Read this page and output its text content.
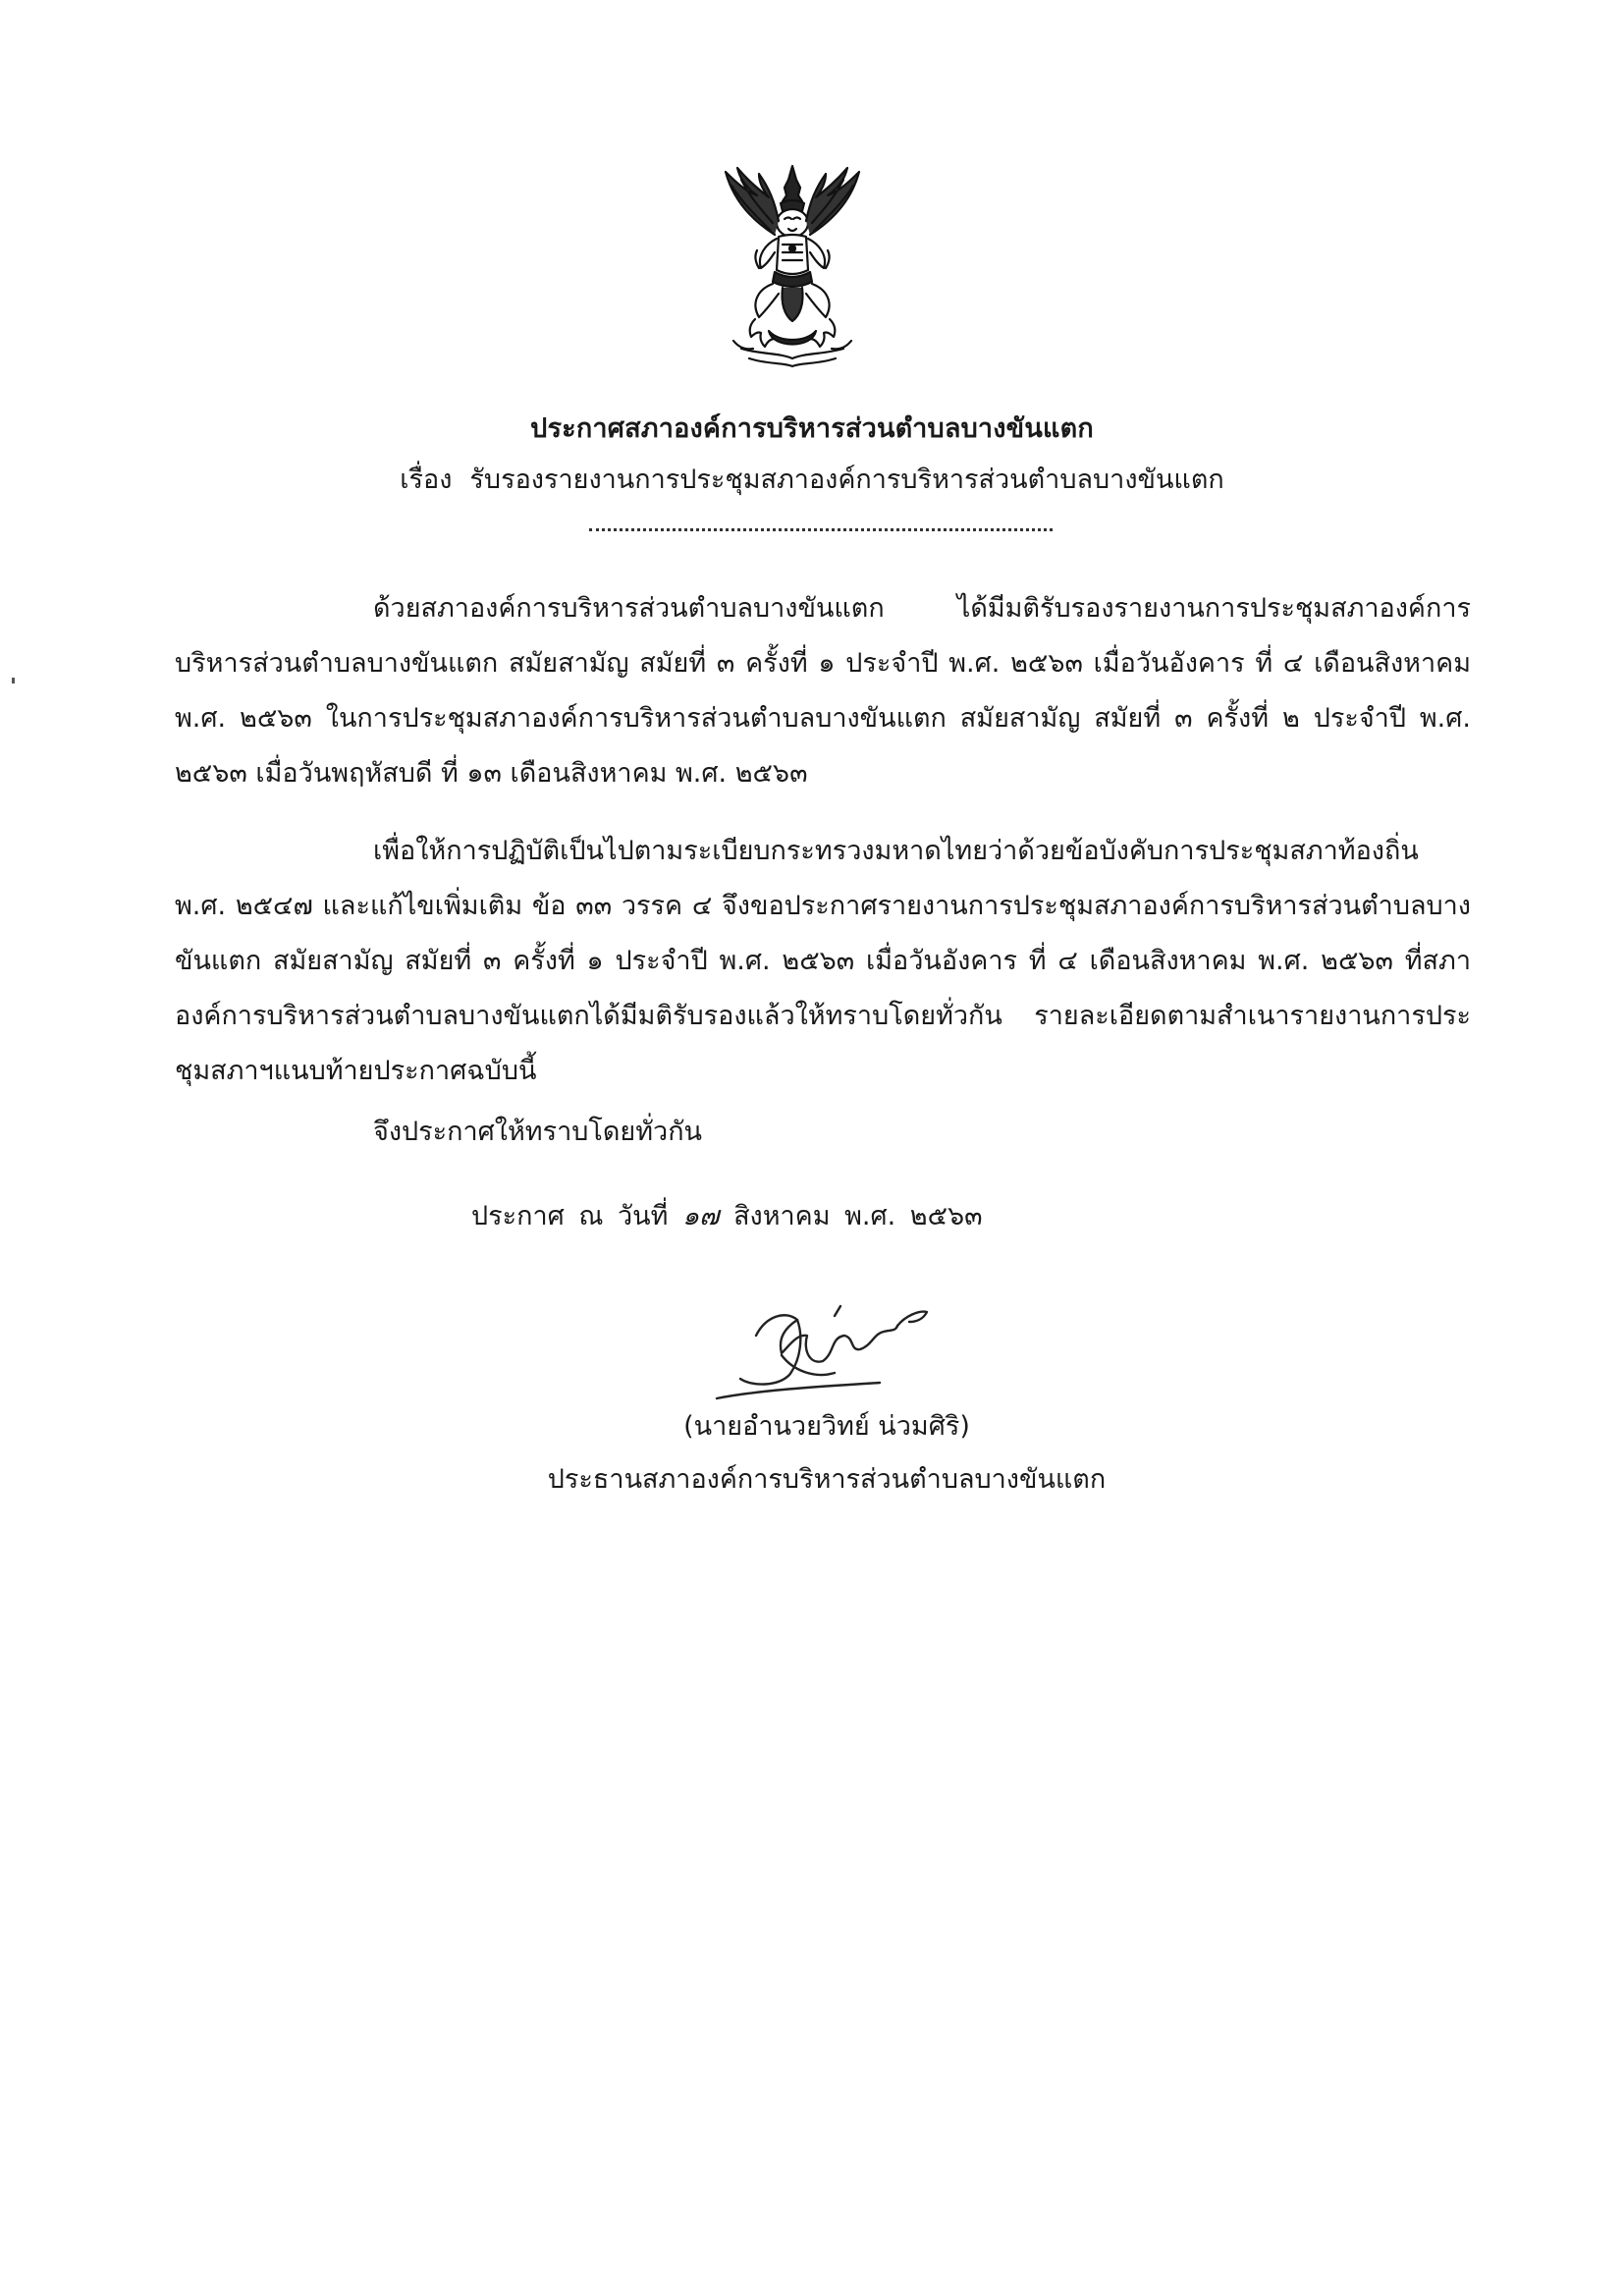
ประกาศสภาองค์การบริหารส่วนตำบลบางขันแตก
เรื่อง รับรองรายงานการประชุมสภาองค์การบริหารส่วนตำบลบางขันแตก
ด้วยสภาองค์การบริหารส่วนตำบลบางขันแตก ได้มีมติรับรองรายงานการประชุมสภาองค์การบริหารส่วนตำบลบางขันแตก สมัยสามัญ สมัยที่ ๓ ครั้งที่ ๑ ประจำปี พ.ศ. ๒๕๖๓ เมื่อวันอังคาร ที่ ๔ เดือนสิงหาคม พ.ศ. ๒๕๖๓ ในการประชุมสภาองค์การบริหารส่วนตำบลบางขันแตก สมัยสามัญ สมัยที่ ๓ ครั้งที่ ๒ ประจำปี พ.ศ. ๒๕๖๓ เมื่อวันพฤหัสบดี ที่ ๑๓ เดือนสิงหาคม พ.ศ. ๒๕๖๓
เพื่อให้การปฏิบัติเป็นไปตามระเบียบกระทรวงมหาดไทยว่าด้วยข้อบังคับการประชุมสภาท้องถิ่น พ.ศ. ๒๕๔๗ และแก้ไขเพิ่มเติม ข้อ ๓๓ วรรค ๔ จึงขอประกาศรายงานการประชุมสภาองค์การบริหารส่วนตำบลบางขันแตก สมัยสามัญ สมัยที่ ๓ ครั้งที่ ๑ ประจำปี พ.ศ. ๒๕๖๓ เมื่อวันอังคาร ที่ ๔ เดือนสิงหาคม พ.ศ. ๒๕๖๓ ที่สภาองค์การบริหารส่วนตำบลบางขันแตกได้มีมติรับรองแล้วให้ทราบโดยทั่วกัน รายละเอียดตามสำเนารายงานการประชุมสภาฯแนบท้ายประกาศฉบับนี้
จึงประกาศให้ทราบโดยทั่วกัน
ประกาศ ณ วันที่ ๑๗ สิงหาคม พ.ศ. ๒๕๖๓
(นายอำนวยวิทย์ น่วมศิริ)
ประธานสภาองค์การบริหารส่วนตำบลบางขันแตก
